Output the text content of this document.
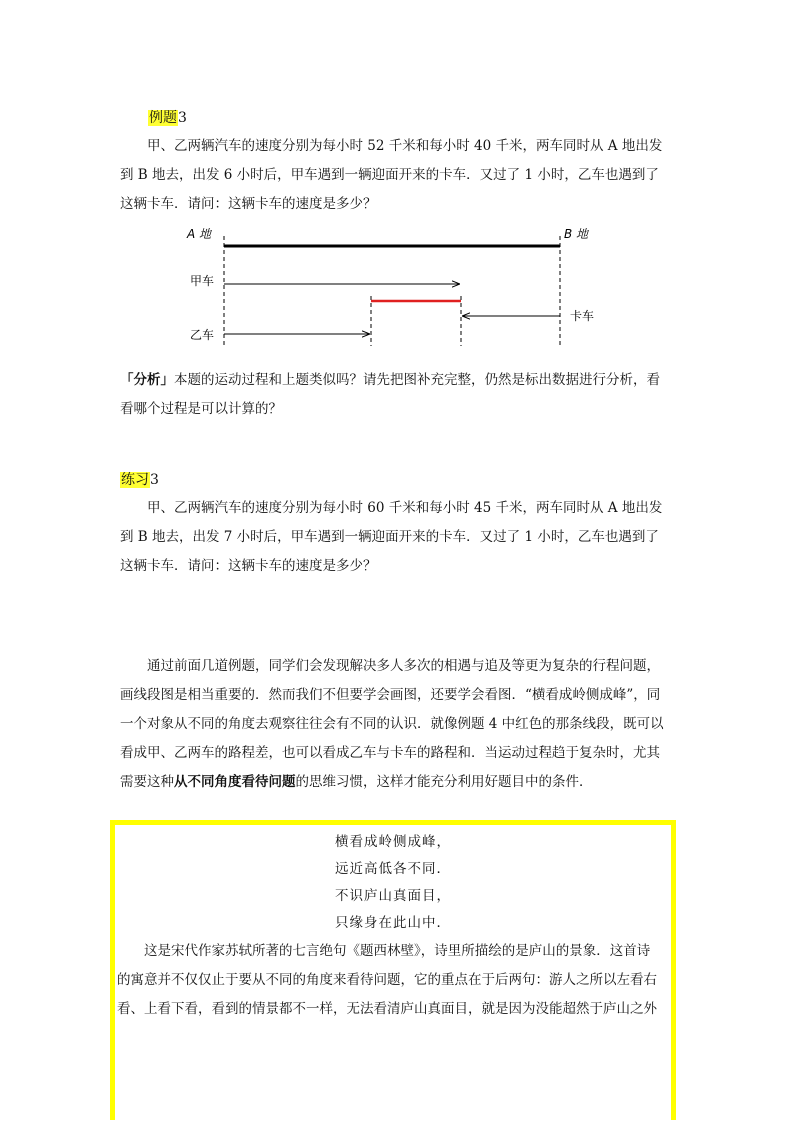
例题3

甲、乙两辆汽车的速度分别为每小时 52 千米和每小时 40 千米，两车同时从 A 地出发

到 B 地去，出发 6 小时后，甲车遇到一辆迎面开来的卡车．又过了 1 小时，乙车也遇到了

这辆卡车．请问：这辆卡车的速度是多少？

A 地	B 地
甲车
卡车
乙车

「分析」本题的运动过程和上题类似吗？请先把图补充完整，仍然是标出数据进行分析，看

看哪个过程是可以计算的？

练习3

甲、乙两辆汽车的速度分别为每小时 60 千米和每小时 45 千米，两车同时从 A 地出发

到 B 地去，出发 7 小时后，甲车遇到一辆迎面开来的卡车．又过了 1 小时，乙车也遇到了

这辆卡车．请问：这辆卡车的速度是多少？

通过前面几道例题，同学们会发现解决多人多次的相遇与追及等更为复杂的行程问题，

画线段图是相当重要的．然而我们不但要学会画图，还要学会看图．“横看成岭侧成峰”，同

一个对象从不同的角度去观察往往会有不同的认识．就像例题 4 中红色的那条线段，既可以

看成甲、乙两车的路程差，也可以看成乙车与卡车的路程和．当运动过程趋于复杂时，尤其

需要这种从不同角度看待问题的思维习惯，这样才能充分利用好题目中的条件．

横看成岭侧成峰，
远近高低各不同．
不识庐山真面目，
只缘身在此山中．
这是宋代作家苏轼所著的七言绝句《题西林壁》，诗里所描绘的是庐山的景象．这首诗
的寓意并不仅仅止于要从不同的角度来看待问题，它的重点在于后两句：游人之所以左看右
看、上看下看，看到的情景都不一样，无法看清庐山真面目，就是因为没能超然于庐山之外
